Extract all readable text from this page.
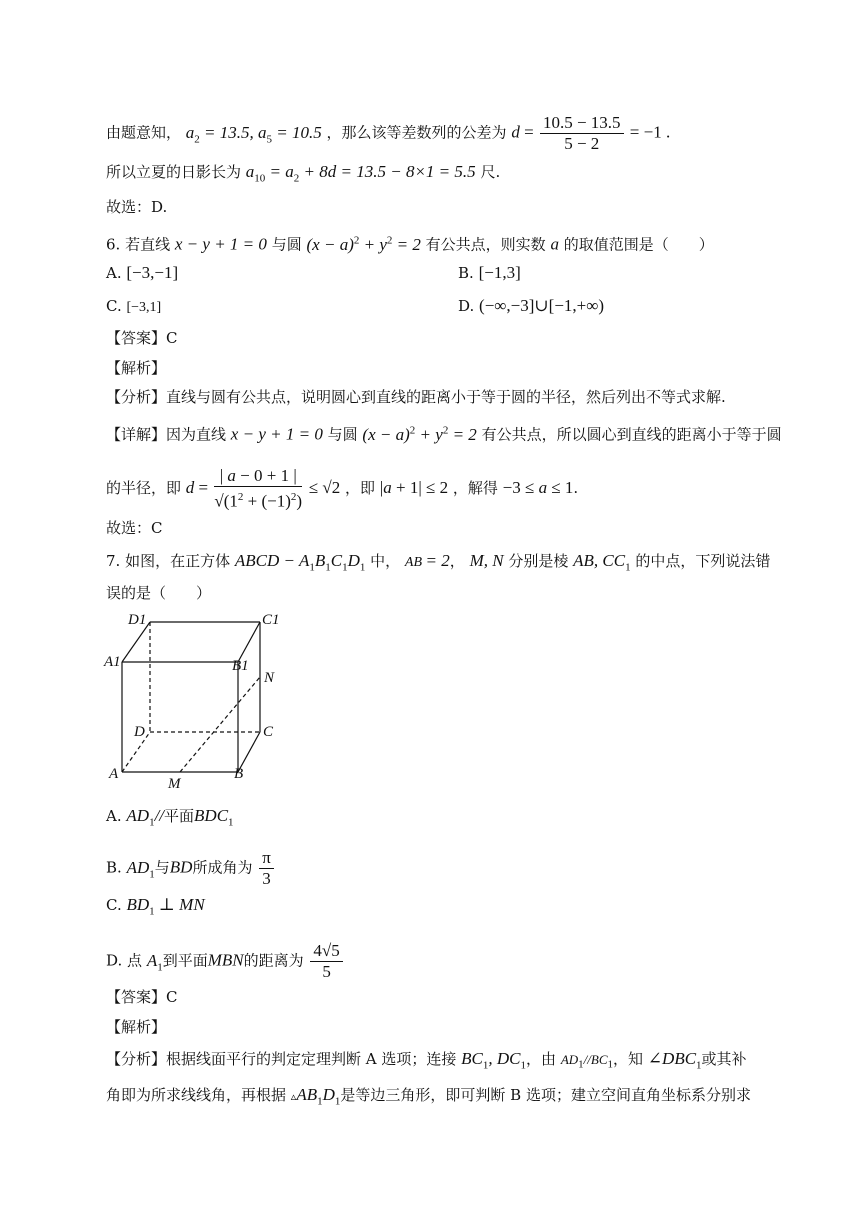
由题意知， $a_2 = 13.5$, $a_5 = 10.5$ ，那么该等差数列的公差为 $d = \frac{10.5 - 13.5}{5 - 2} = -1$ .
所以立夏的日影长为 $a_{10} = a_2 + 8d = 13.5 - 8\times 1 = 5.5$ 尺.
故选：D.
6. 若直线 x − y + 1 = 0 与圆 $(x - a)^2 + y^2 = 2$ 有公共点，则实数 a 的取值范围是（　　）
A. [−3,−1]	B. [−1,3]
C. [−3,1]	D. (−∞,−3]∪[−1,+∞)
【答案】C
【解析】
【分析】直线与圆有公共点，说明圆心到直线的距离小于等于圆的半径，然后列出不等式求解.
【详解】因为直线 x − y + 1 = 0 与圆 $(x - a)^2 + y^2 = 2$ 有公共点，所以圆心到直线的距离小于等于圆
的半径，即 $d = \frac{| a - 0 + 1 |}{√(1^2 + (-1)^2)} \le √2$ ，即 |a + 1| ≤ 2 ，解得 −3 ≤ a ≤ 1.
故选：C
7. 如图，在正方体 ABCD − $A_1B_1C_1D_1$ 中， AB = 2， M, N 分别是棱 AB, $CC_1$ 的中点，下列说法错
误的是（　　）
D1	C1
A1	B1
N
D	C
A
M
B
A. $AD_1//$平面$BDC_1$
B. $AD_1$与BD所成角为 $\frac{\pi}{3}$
C. $BD_1$ ⊥ MN
D. 点 $A_1$到平面MBN的距离为 $\frac{4√5}{5}$
【答案】C
【解析】
【分析】根据线面平行的判定定理判断 A 选项；连接 $BC_1$, $DC_1$，由 $AD_1//BC_1$，知 $\angle DBC_1$或其补
角即为所求线线角，再根据 $▵AB_1D_1$是等边三角形，即可判断 B 选项；建立空间直角坐标系分别求
